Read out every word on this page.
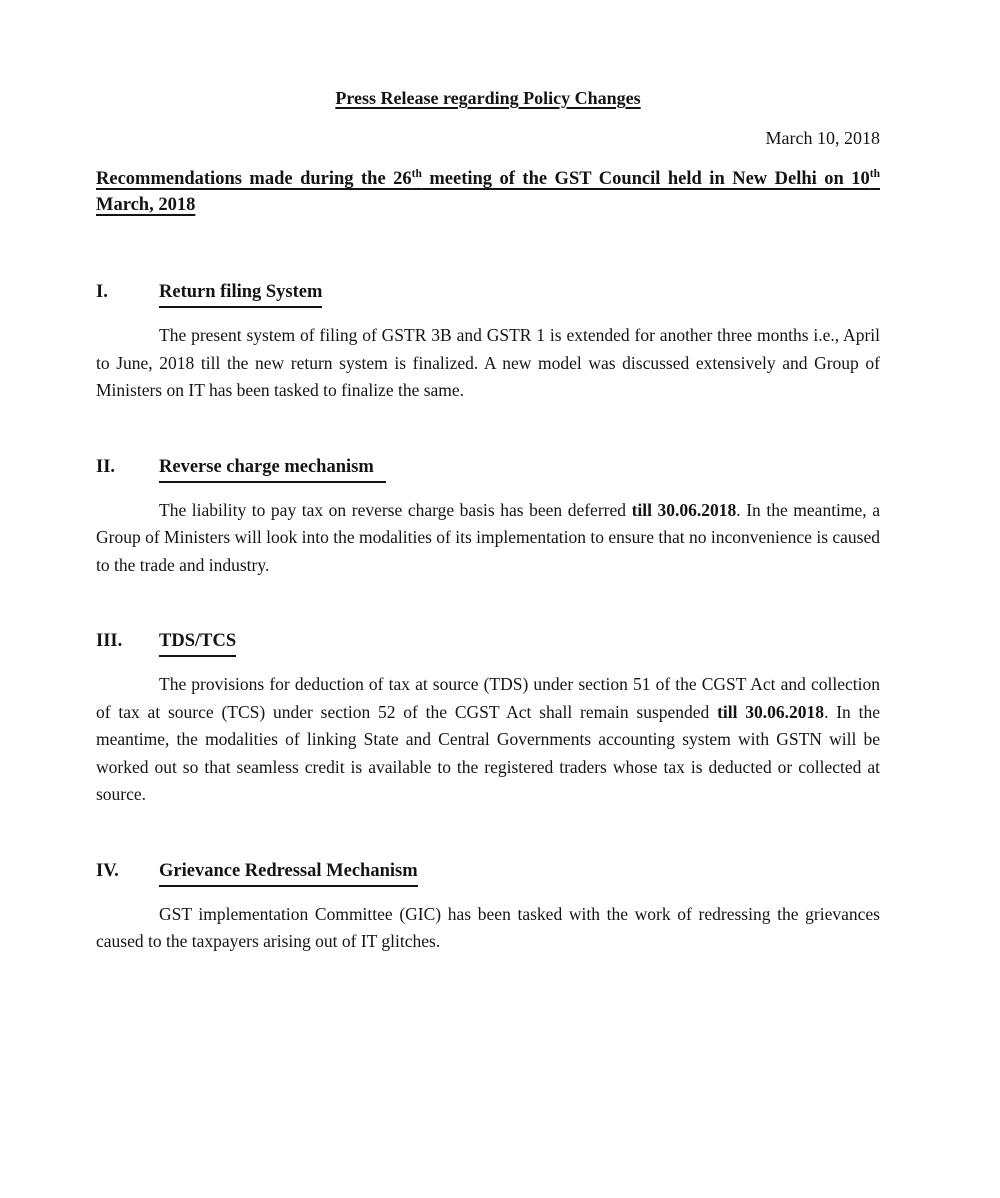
Press Release regarding Policy Changes
March 10, 2018
Recommendations made during the 26th meeting of the GST Council held in New Delhi on 10th March, 2018
I.	Return filing System

The present system of filing of GSTR 3B and GSTR 1 is extended for another three months i.e., April to June, 2018 till the new return system is finalized. A new model was discussed extensively and Group of Ministers on IT has been tasked to finalize the same.

II.	Reverse charge mechanism

The liability to pay tax on reverse charge basis has been deferred till 30.06.2018. In the meantime, a Group of Ministers will look into the modalities of its implementation to ensure that no inconvenience is caused to the trade and industry.

III.	TDS/TCS

The provisions for deduction of tax at source (TDS) under section 51 of the CGST Act and collection of tax at source (TCS) under section 52 of the CGST Act shall remain suspended till 30.06.2018. In the meantime, the modalities of linking State and Central Governments accounting system with GSTN will be worked out so that seamless credit is available to the registered traders whose tax is deducted or collected at source.

IV.	Grievance Redressal Mechanism

GST implementation Committee (GIC) has been tasked with the work of redressing the grievances caused to the taxpayers arising out of IT glitches.
